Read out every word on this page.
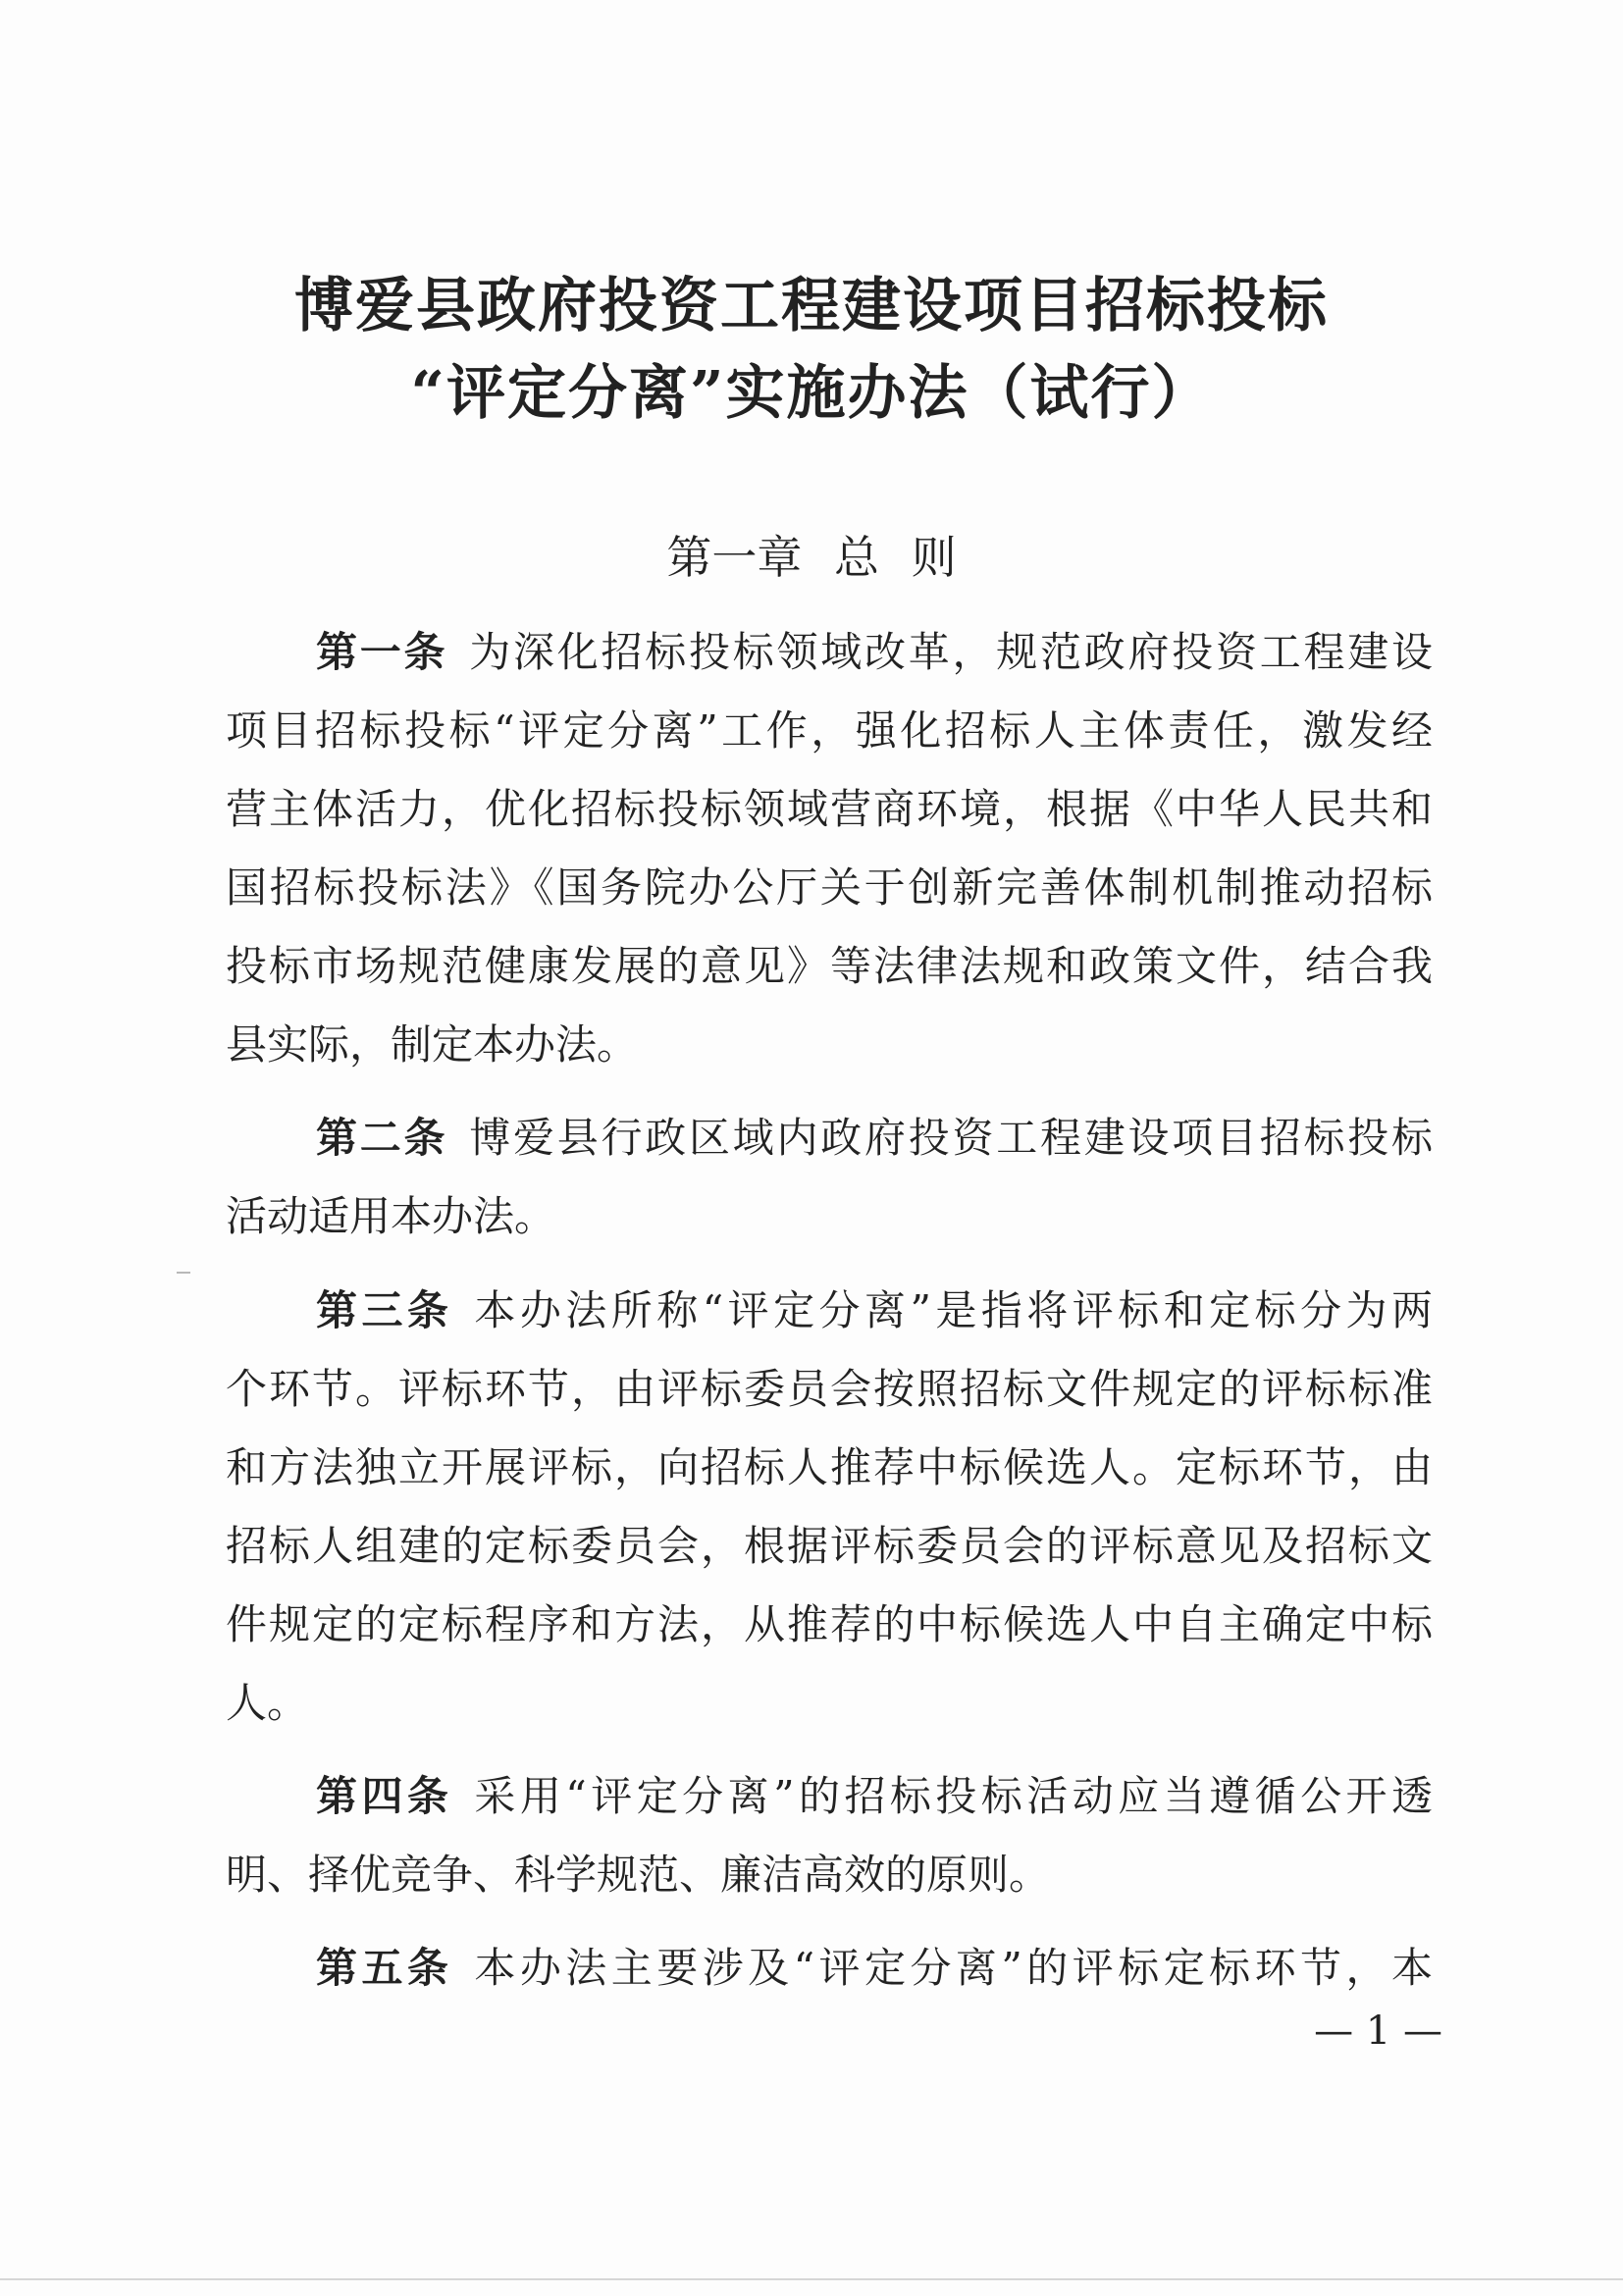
博爱县政府投资工程建设项目招标投标
“评定分离”实施办法（试行）
第一章 总 则
第一条 为深化招标投标领域改革，规范政府投资工程建设
项目招标投标“评定分离”工作，强化招标人主体责任，激发经
营主体活力，优化招标投标领域营商环境，根据《中华人民共和
国招标投标法》《国务院办公厅关于创新完善体制机制推动招标
投标市场规范健康发展的意见》等法律法规和政策文件，结合我
县实际，制定本办法。
第二条 博爱县行政区域内政府投资工程建设项目招标投标
活动适用本办法。
第三条 本办法所称“评定分离”是指将评标和定标分为两
个环节。评标环节，由评标委员会按照招标文件规定的评标标准
和方法独立开展评标，向招标人推荐中标候选人。定标环节，由
招标人组建的定标委员会，根据评标委员会的评标意见及招标文
件规定的定标程序和方法，从推荐的中标候选人中自主确定中标
人。
第四条 采用“评定分离”的招标投标活动应当遵循公开透
明、择优竞争、科学规范、廉洁高效的原则。
第五条 本办法主要涉及“评定分离”的评标定标环节，本
— 1 —
